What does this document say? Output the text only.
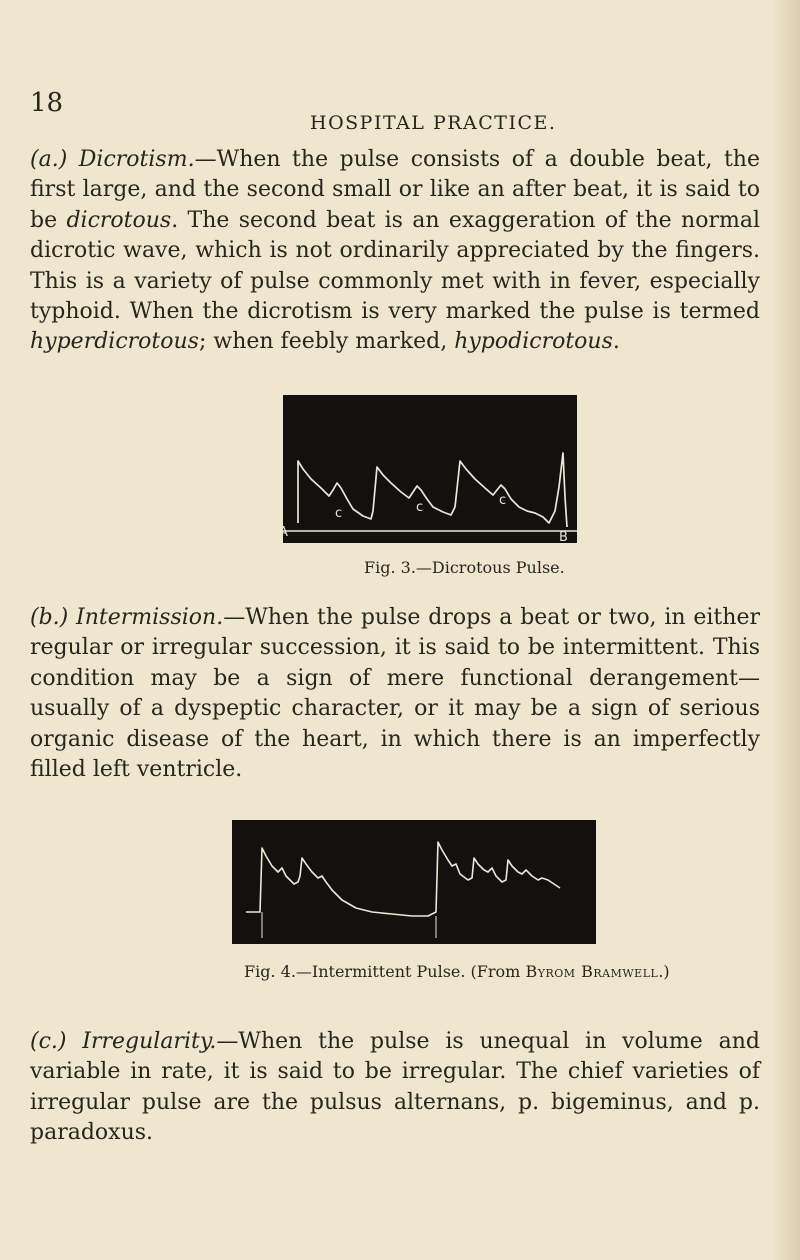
18
HOSPITAL PRACTICE.

(a.) Dicrotism.—When the pulse consists of a double beat, the first large, and the second small or like an after beat, it is said to be dicrotous. The second beat is an exaggeration of the normal dicrotic wave, which is not ordinarily appreciated by the fingers. This is a variety of pulse commonly met with in fever, especially typhoid. When the dicrotism is very marked the pulse is termed hyperdicrotous; when feebly marked, hypodicrotous.

c	c	c
A	B
Fig. 3.—Dicrotous Pulse.

(b.) Intermission.—When the pulse drops a beat or two, in either regular or irregular succession, it is said to be intermittent. This condition may be a sign of mere functional derangement—usually of a dyspeptic character, or it may be a sign of serious organic disease of the heart, in which there is an imperfectly filled left ventricle.

Fig. 4.—Intermittent Pulse. (From Byrom Bramwell.)

(c.) Irregularity.—When the pulse is unequal in volume and variable in rate, it is said to be irregular. The chief varieties of irregular pulse are the pulsus alternans, p. bigeminus, and p. paradoxus.
